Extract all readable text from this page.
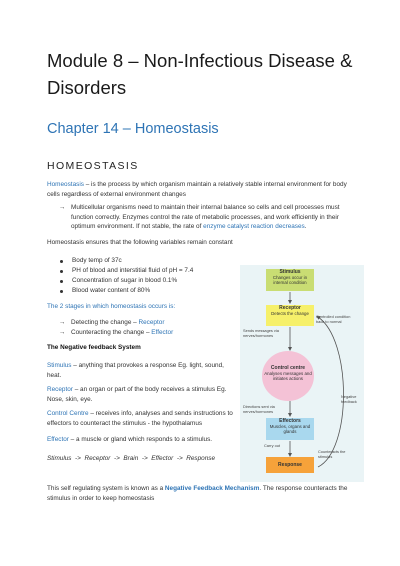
Module 8 – Non-Infectious Disease & Disorders
Chapter 14 – Homeostasis
HOMEOSTASIS

Homeostasis – is the process by which organism maintain a relatively stable internal environment for body cells regardless of external environment changes

→ Multicellular organisms need to maintain their internal balance so cells and cell processes must function correctly. Enzymes control the rate of metabolic processes, and work efficiently in their optimum environment. If not stable, the rate of enzyme catalyst reaction decreases.

Homeostasis ensures that the following variables remain constant

Body temp of 37c
PH of blood and interstitial fluid of pH = 7.4
Concentration of sugar in blood 0.1%
Blood water content of 80%

The 2 stages in which homeostasis occurs is:

→ Detecting the change – Receptor
→ Counteracting the change – Effector

The Negative feedback System

Stimulus – anything that provokes a response Eg. light, sound, heat.

Receptor – an organ or part of the body receives a stimulus Eg. Nose, skin, eye.

Control Centre – receives info, analyses and sends instructions to effectors to counteract the stimulus - the hypothalamus

Effector – a muscle or gland which responds to a stimulus.

Stimulus  ->  Receptor  ->  Brain  ->  Effector  ->  Response

This self regulating system is known as a Negative Feedback Mechanism. The response counteracts the stimulus in order to keep homeostasis

Stimulus
Changes occur in internal condition
Receptor
Detects the change
Sends messages via nerves/hormones
Controlled condition back to normal
Control centre
Analyses messages and initiates actions
Negative feedback
Directions sent via nerves/hormones
Effectors
Muscles, organs and glands
Carry out
Counteracts the stimulus
Response
